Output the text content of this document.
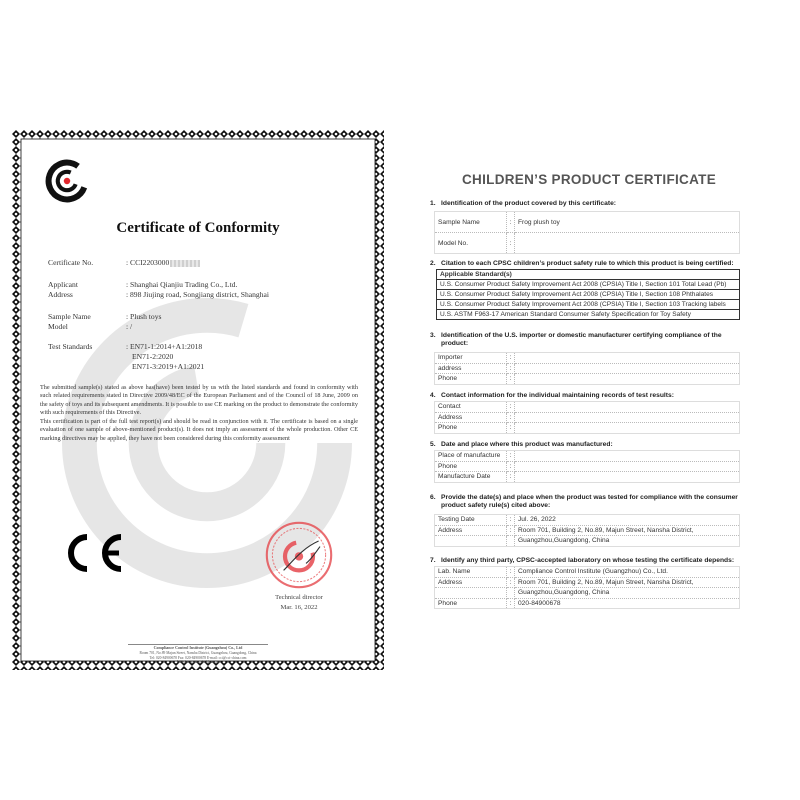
Certificate of Conformity
Certificate No.	: CCI2203000
Applicant	: Shanghai Qianjiu Trading Co., Ltd.
Address	: 898 Jiujing road, Songjiang district, Shanghai
Sample Name	: Plush toys
Model	: /
Test Standards	: EN71-1:2014+A1:2018
EN71-2:2020
EN71-3:2019+A1:2021
The submitted sample(s) stated as above has(have) been tested by us with the listed standards and found in conformity with such related requirements stated in Directive 2009/48/EC of the European Parliament and of the Council of 18 June, 2009 on the safety of toys and its subsequent amendments. It is possible to use CE marking on the product to demonstrate the conformity with such requirements of this Directive.
This certification is part of the full test report(s) and should be read in conjunction with it. The certificate is based on a single evaluation of one sample of above-mentioned product(s). It does not imply an assessment of the whole production. Other CE marking directives may be applied, they have not been considered during this conformity assessment
Technical director
Mar. 16, 2022
Compliance Control Institute (Guangzhou) Co., Ltd
Room 701, No.89 Majun Street, Nansha District, Guangzhou, Guangdong, China
Tel: 020-84900678 Fax: 020-84900678 E-mail: cci@cci-china.com
Website: www.cci-china.com
CHILDREN’S PRODUCT CERTIFICATE
1. Identification of the product covered by this certificate:
Sample Name	:	Frog plush toy
Model No.	:	
2. Citation to each CPSC children’s product safety rule to which this product is being certified:
Applicable Standard(s)
U.S. Consumer Product Safety Improvement Act 2008 (CPSIA) Title I, Section 101 Total Lead (Pb)
U.S. Consumer Product Safety Improvement Act 2008 (CPSIA) Title I, Section 108 Phthalates
U.S. Consumer Product Safety Improvement Act 2008 (CPSIA) Title I, Section 103 Tracking labels
U.S. ASTM F963-17 American Standard Consumer Safety Specification for Toy Safety
3. Identification of the U.S. importer or domestic manufacturer certifying compliance of the
product:
Importer	:	
address	:	
Phone	:	
4. Contact information for the individual maintaining records of test results:
Contact	:	
Address	:	
Phone	:	
5. Date and place where this product was manufactured:
Place of manufacture	:	
Phone	:	
Manufacture Date	:	
6. Provide the date(s) and place when the product was tested for compliance with the consumer
product safety rule(s) cited above:
Testing Date	:	Jul. 26, 2022
Address	:	Room 701, Building 2, No.89, Majun Street, Nansha District,
		Guangzhou,Guangdong, China
7. Identify any third party, CPSC-accepted laboratory on whose testing the certificate depends:
Lab. Name	:	Compliance Control Institute (Guangzhou) Co., Ltd.
Address	:	Room 701, Building 2, No.89, Majun Street, Nansha District,
		Guangzhou,Guangdong, China
Phone	:	020-84900678
